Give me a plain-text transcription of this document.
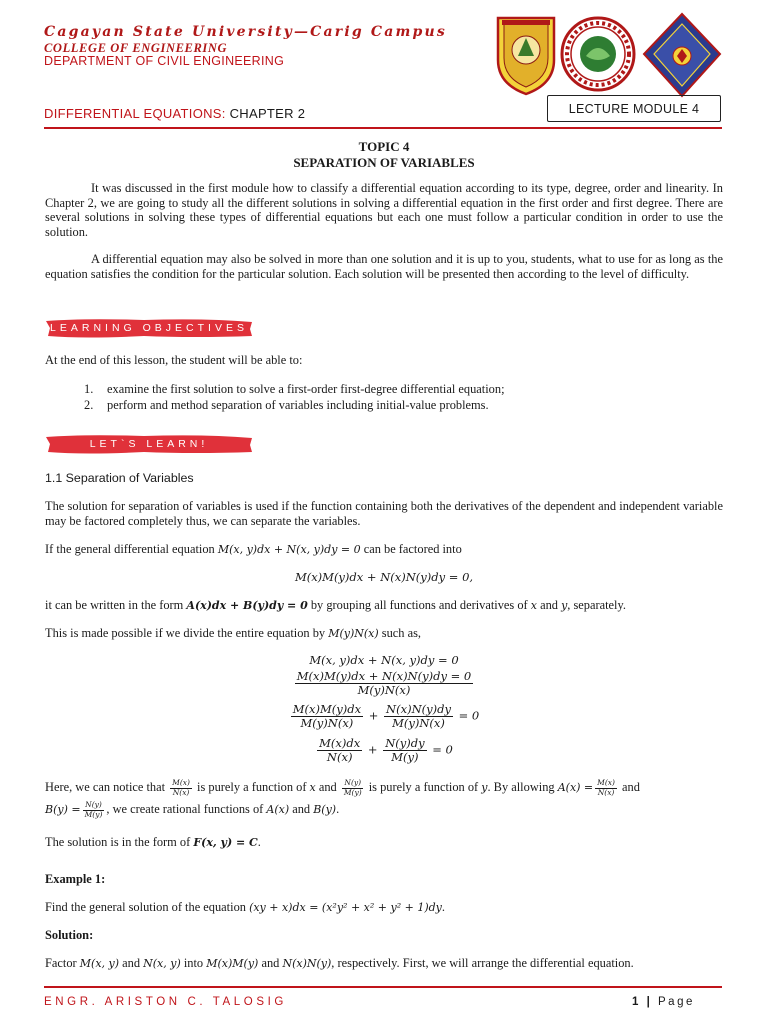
Cagayan State University—Carig Campus
COLLEGE OF ENGINEERING
DEPARTMENT OF CIVIL ENGINEERING
DIFFERENTIAL EQUATIONS: CHAPTER 2	LECTURE MODULE 4
TOPIC 4
SEPARATION OF VARIABLES
It was discussed in the first module how to classify a differential equation according to its type, degree, order and linearity. In Chapter 2, we are going to study all the different solutions in solving a differential equation in the first order and first degree. There are several solutions in solving these types of differential equations but each one must follow a particular condition in order to use the solution.
A differential equation may also be solved in more than one solution and it is up to you, students, what to use for as long as the equation satisfies the condition for the particular solution. Each solution will be presented then according to the level of difficulty.
LEARNING OBJECTIVES
At the end of this lesson, the student will be able to:
1. examine the first solution to solve a first-order first-degree differential equation;
2. perform and method separation of variables including initial-value problems.
LET`S LEARN!
1.1 Separation of Variables
The solution for separation of variables is used if the function containing both the derivatives of the dependent and independent variable may be factored completely thus, we can separate the variables.
If the general differential equation M(x, y)dx + N(x, y)dy = 0 can be factored into
M(x)M(y)dx + N(x)N(y)dy = 0,
it can be written in the form A(x)dx + B(y)dy = 0 by grouping all functions and derivatives of x and y, separately.
This is made possible if we divide the entire equation by M(y)N(x) such as,
M(x, y)dx + N(x, y)dy = 0
$\frac{M(x)M(y)dx + N(x)N(y)dy = 0}{M(y)N(x)}$
$\frac{M(x)M(y)dx}{M(y)N(x)} + \frac{N(x)N(y)dy}{M(y)N(x)} = 0$
$\frac{M(x)dx}{N(x)} + \frac{N(y)dy}{M(y)} = 0$
Here, we can notice that $\frac{M(x)}{N(x)}$ is purely a function of x and $\frac{N(y)}{M(y)}$ is purely a function of y. By allowing $A(x) = \frac{M(x)}{N(x)}$ and
$B(y) = \frac{N(y)}{M(y)}$ , we create rational functions of A(x) and B(y).
The solution is in the form of F(x, y) = C.
Example 1:
Find the general solution of the equation (xy + x)dx = (x²y² + x² + y² + 1)dy.
Solution:
Factor M(x, y) and N(x, y) into M(x)M(y) and N(x)N(y), respectively. First, we will arrange the differential equation.
ENGR. ARISTON C. TALOSIG	1 | Page
